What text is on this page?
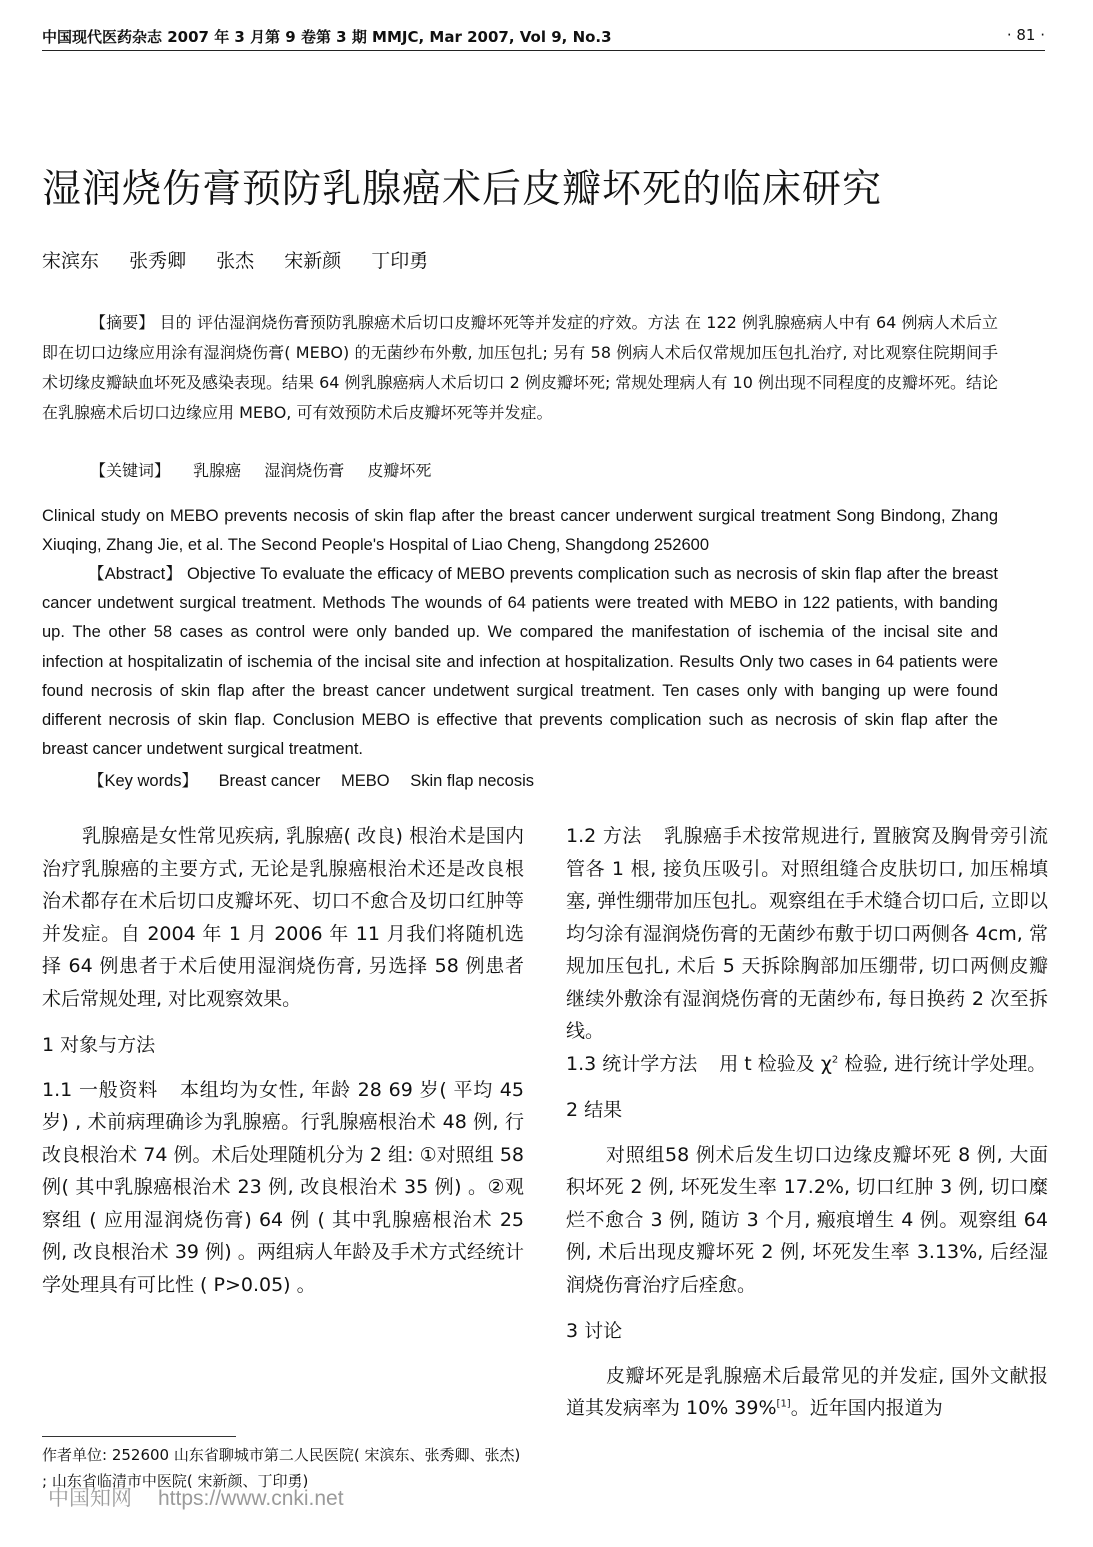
中国现代医药杂志 2007 年 3 月第 9 卷第 3 期 MMJC, Mar 2007, Vol 9, No.3	· 81 ·
湿润烧伤膏预防乳腺癌术后皮瓣坏死的临床研究
宋滨东 张秀卿 张杰 宋新颜 丁印勇

【摘要】 目的 评估湿润烧伤膏预防乳腺癌术后切口皮瓣坏死等并发症的疗效。方法 在 122 例乳腺癌病人中有 64 例病人术后立即在切口边缘应用涂有湿润烧伤膏( MEBO) 的无菌纱布外敷, 加压包扎; 另有 58 例病人术后仅常规加压包扎治疗, 对比观察住院期间手术切缘皮瓣缺血坏死及感染表现。结果 64 例乳腺癌病人术后切口 2 例皮瓣坏死; 常规处理病人有 10 例出现不同程度的皮瓣坏死。结论 在乳腺癌术后切口边缘应用 MEBO, 可有效预防术后皮瓣坏死等并发症。

【关键词】 乳腺癌 湿润烧伤膏 皮瓣坏死
Clinical study on MEBO prevents necosis of skin flap after the breast cancer underwent surgical treatment Song Bindong, Zhang Xiuqing, Zhang Jie, et al. The Second People's Hospital of Liao Cheng, Shangdong 252600

【Abstract】 Objective To evaluate the efficacy of MEBO prevents complication such as necrosis of skin flap after the breast cancer undetwent surgical treatment. Methods The wounds of 64 patients were treated with MEBO in 122 patients, with banding up. The other 58 cases as control were only banded up. We compared the manifestation of ischemia of the incisal site and infection at hospitalizatin of ischemia of the incisal site and infection at hospitalization. Results Only two cases in 64 patients were found necrosis of skin flap after the breast cancer undetwent surgical treatment. Ten cases only with banging up were found different necrosis of skin flap. Conclusion MEBO is effective that prevents complication such as necrosis of skin flap after the breast cancer undetwent surgical treatment.

【Key words】 Breast cancer MEBO Skin flap necosis

乳腺癌是女性常见疾病, 乳腺癌( 改良) 根治术是国内治疗乳腺癌的主要方式, 无论是乳腺癌根治术还是改良根治术都存在术后切口皮瓣坏死、切口不愈合及切口红肿等并发症。自 2004 年 1 月 2006 年 11 月我们将随机选择 64 例患者于术后使用湿润烧伤膏, 另选择 58 例患者术后常规处理, 对比观察效果。

1 对象与方法

1.1 一般资料 本组均为女性, 年龄 28 69 岁( 平均 45 岁) , 术前病理确诊为乳腺癌。行乳腺癌根治术 48 例, 行改良根治术 74 例。术后处理随机分为 2 组: ①对照组 58 例( 其中乳腺癌根治术 23 例, 改良根治术 35 例) 。②观察组 ( 应用湿润烧伤膏) 64 例 ( 其中乳腺癌根治术 25 例, 改良根治术 39 例) 。两组病人年龄及手术方式经统计学处理具有可比性 ( P>0.05) 。

1.2 方法 乳腺癌手术按常规进行, 置腋窝及胸骨旁引流管各 1 根, 接负压吸引。对照组缝合皮肤切口, 加压棉填塞, 弹性绷带加压包扎。观察组在手术缝合切口后, 立即以均匀涂有湿润烧伤膏的无菌纱布敷于切口两侧各 4cm, 常规加压包扎, 术后 5 天拆除胸部加压绷带, 切口两侧皮瓣继续外敷涂有湿润烧伤膏的无菌纱布, 每日换药 2 次至拆线。

1.3 统计学方法 用 t 检验及 $\chi^2$ 检验, 进行统计学处理。

2 结果

对照组58 例术后发生切口边缘皮瓣坏死 8 例, 大面积坏死 2 例, 坏死发生率 17.2%, 切口红肿 3 例, 切口糜烂不愈合 3 例, 随访 3 个月, 瘢痕增生 4 例。观察组 64 例, 术后出现皮瓣坏死 2 例, 坏死发生率 3.13%, 后经湿润烧伤膏治疗后痊愈。

3 讨论

皮瓣坏死是乳腺癌术后最常见的并发症, 国外文献报道其发病率为 10% 39%[1]。近年国内报道为

作者单位: 252600 山东省聊城市第二人民医院( 宋滨东、张秀卿、张杰) ; 山东省临清市中医院( 宋新颜、丁印勇)
中国知网 https://www.cnki.net
